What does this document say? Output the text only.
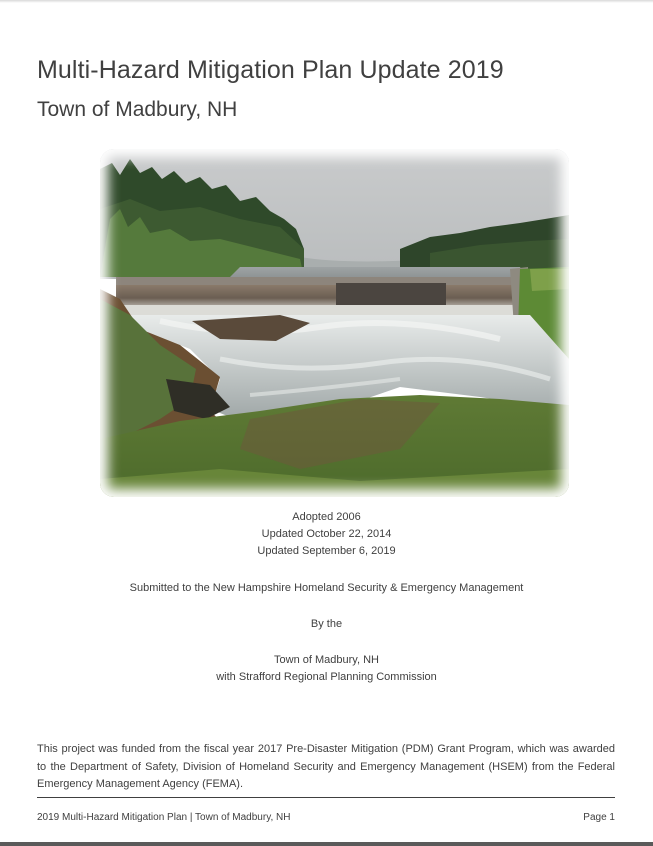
Multi-Hazard Mitigation Plan Update 2019
Town of Madbury, NH
Adopted 2006
Updated October 22, 2014
Updated September 6, 2019
Submitted to the New Hampshire Homeland Security & Emergency Management
By the
Town of Madbury, NH
with Strafford Regional Planning Commission

This project was funded from the fiscal year 2017 Pre-Disaster Mitigation (PDM) Grant Program, which was awarded to the Department of Safety, Division of Homeland Security and Emergency Management (HSEM) from the Federal Emergency Management Agency (FEMA).

2019 Multi-Hazard Mitigation Plan | Town of Madbury, NH	Page 1
